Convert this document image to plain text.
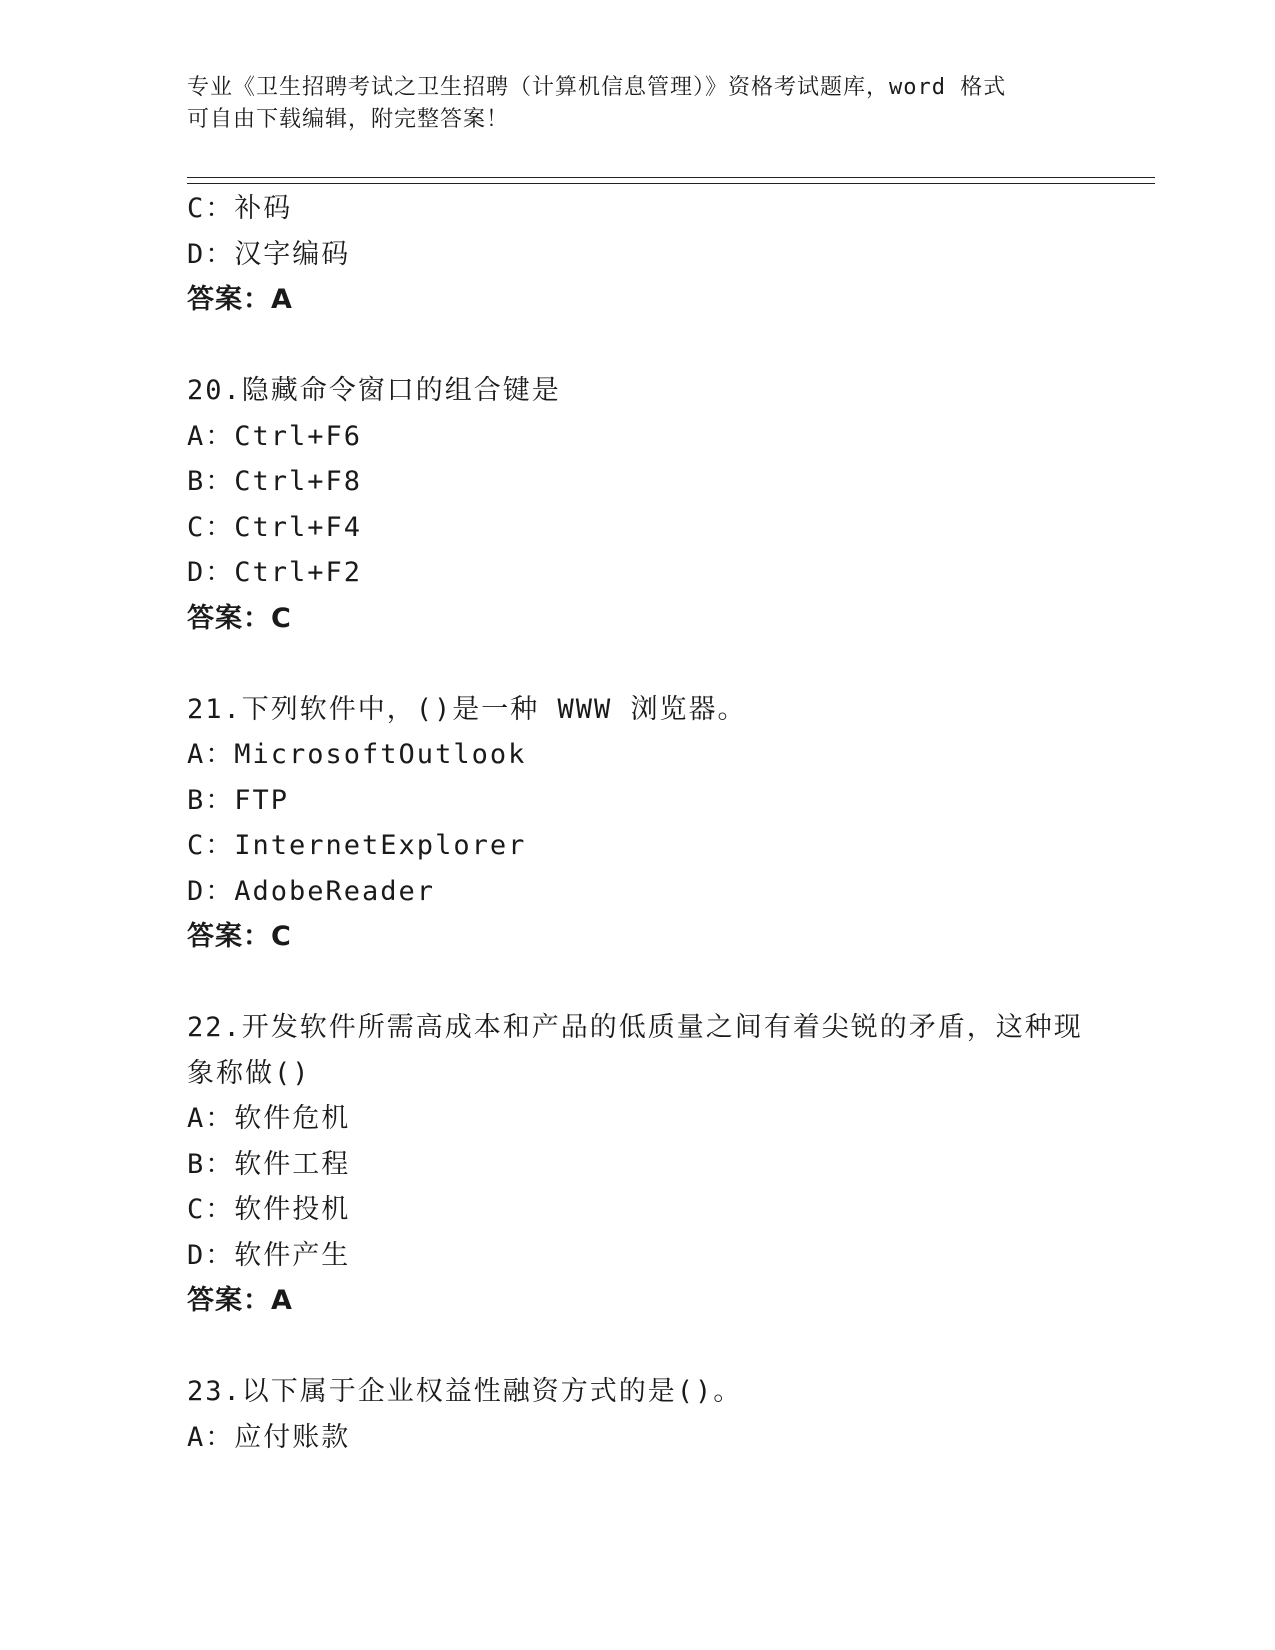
专业《卫生招聘考试之卫生招聘（计算机信息管理）》资格考试题库，word 格式
可自由下载编辑，附完整答案！
C：补码
D：汉字编码
答案：A
20.隐藏命令窗口的组合键是
A：Ctrl+F6
B：Ctrl+F8
C：Ctrl+F4
D：Ctrl+F2
答案：C
21.下列软件中，()是一种 WWW 浏览器。
A：MicrosoftOutlook
B：FTP
C：InternetExplorer
D：AdobeReader
答案：C
22.开发软件所需高成本和产品的低质量之间有着尖锐的矛盾，这种现
象称做()
A：软件危机
B：软件工程
C：软件投机
D：软件产生
答案：A
23.以下属于企业权益性融资方式的是()。
A：应付账款
